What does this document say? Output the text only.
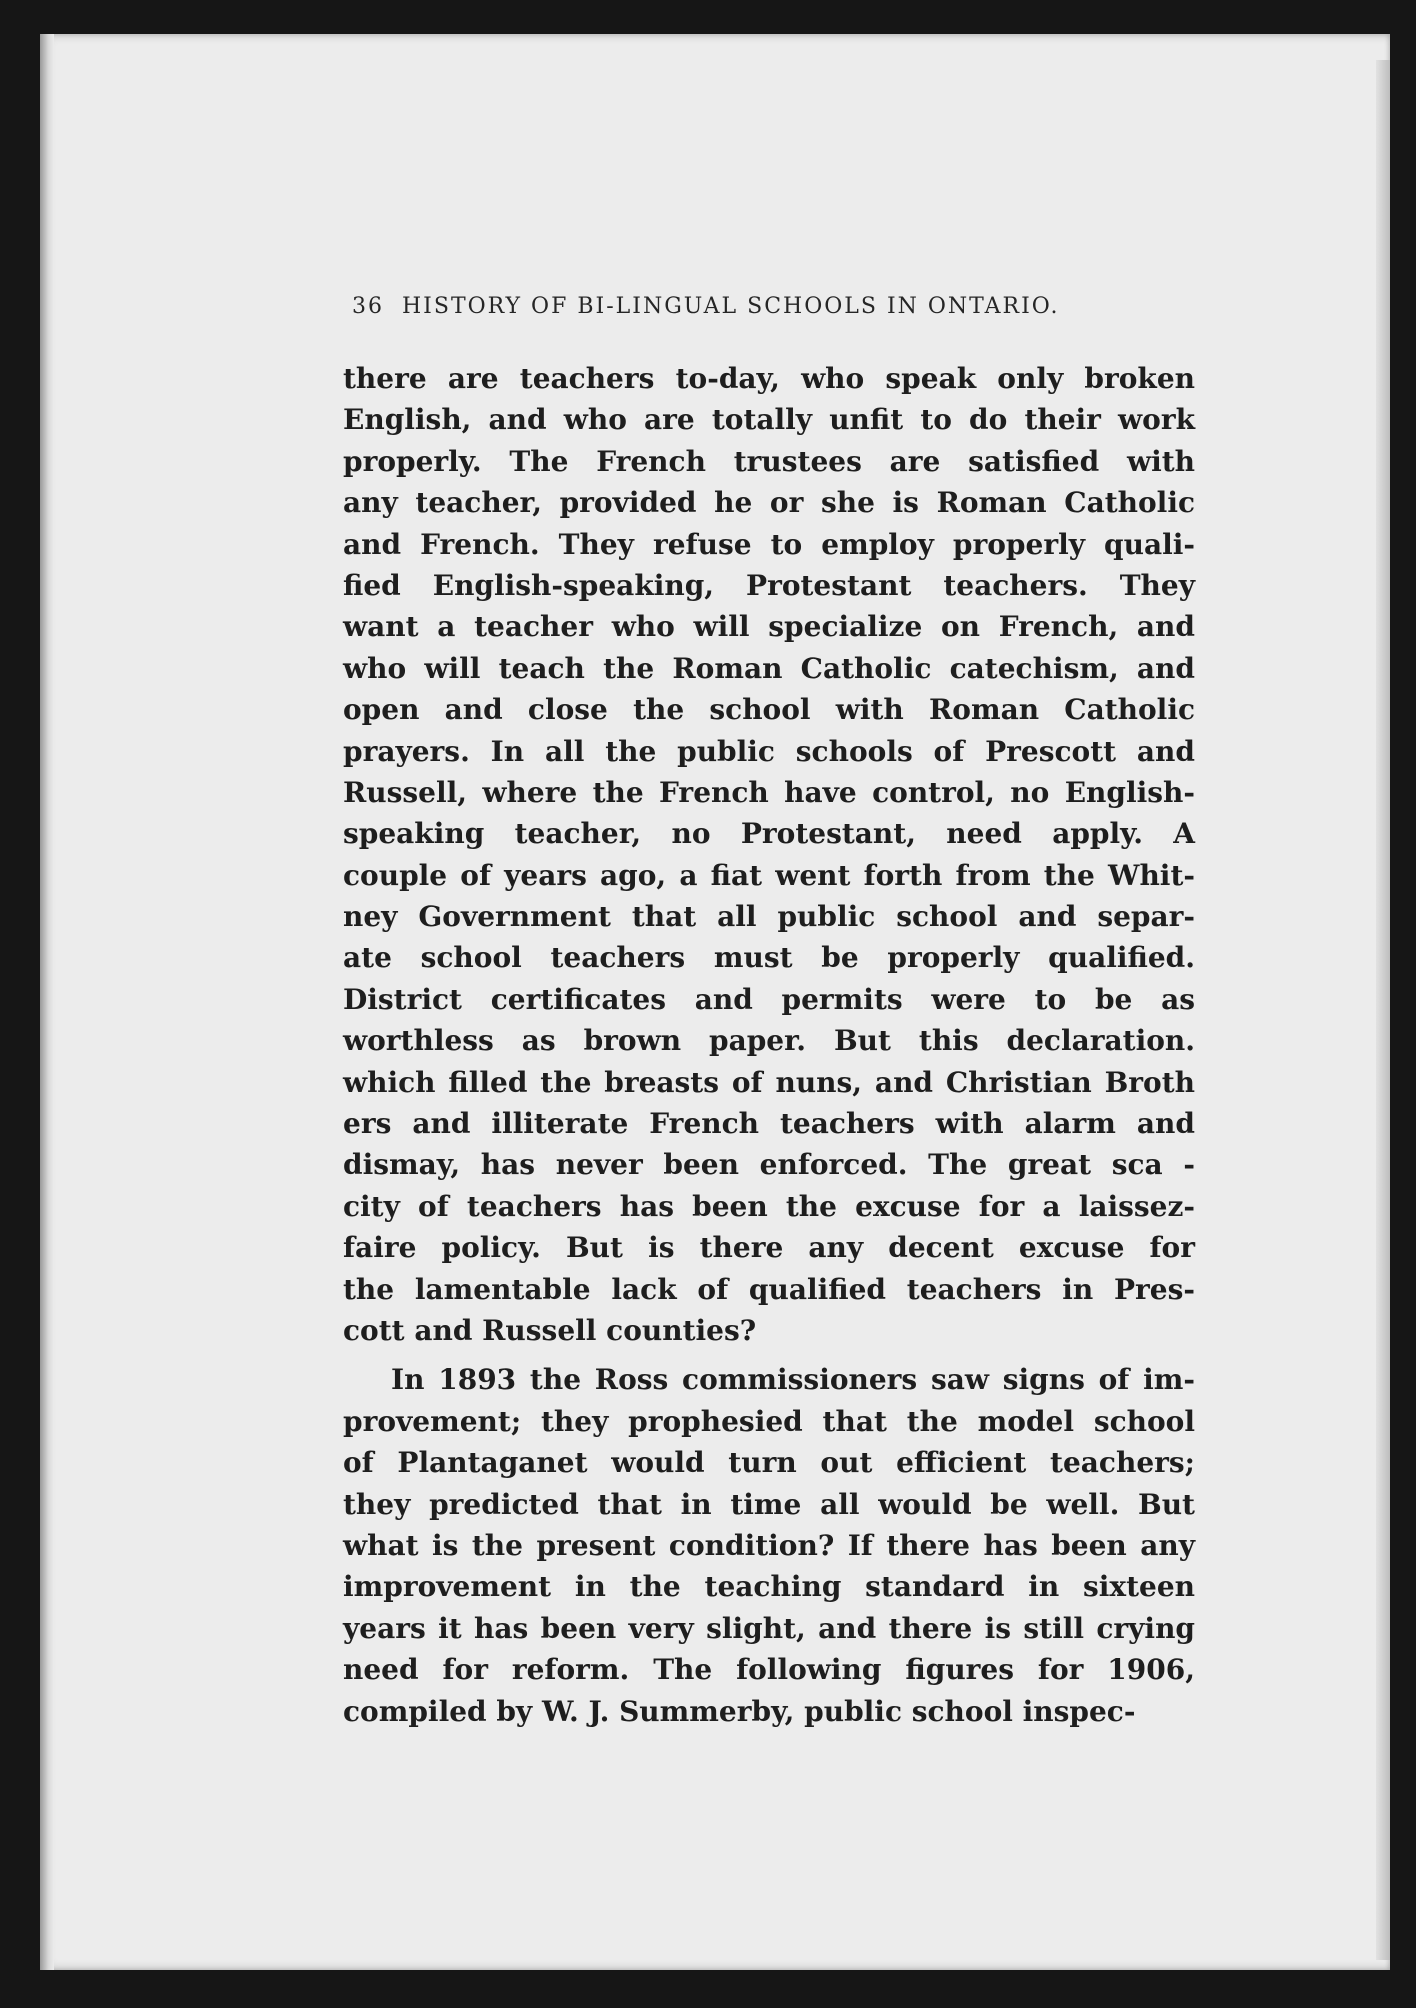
36 HISTORY OF BI-LINGUAL SCHOOLS IN ONTARIO.
there are teachers to-day, who speak only broken
English, and who are totally unfit to do their work
properly. The French trustees are satisfied with
any teacher, provided he or she is Roman Catholic
and French. They refuse to employ properly quali-
fied English-speaking, Protestant teachers. They
want a teacher who will specialize on French, and
who will teach the Roman Catholic catechism, and
open and close the school with Roman Catholic
prayers. In all the public schools of Prescott and
Russell, where the French have control, no English-
speaking teacher, no Protestant, need apply. A
couple of years ago, a fiat went forth from the Whit-
ney Government that all public school and separ-
ate school teachers must be properly qualified.
District certificates and permits were to be as
worthless as brown paper. But this declaration.
which filled the breasts of nuns, and Christian Broth
ers and illiterate French teachers with alarm and
dismay, has never been enforced. The great sca -
city of teachers has been the excuse for a laissez-
faire policy. But is there any decent excuse for
the lamentable lack of qualified teachers in Pres-
cott and Russell counties?
In 1893 the Ross commissioners saw signs of im-
provement; they prophesied that the model school
of Plantaganet would turn out efficient teachers;
they predicted that in time all would be well. But
what is the present condition? If there has been any
improvement in the teaching standard in sixteen
years it has been very slight, and there is still crying
need for reform. The following figures for 1906,
compiled by W. J. Summerby, public school inspec-
